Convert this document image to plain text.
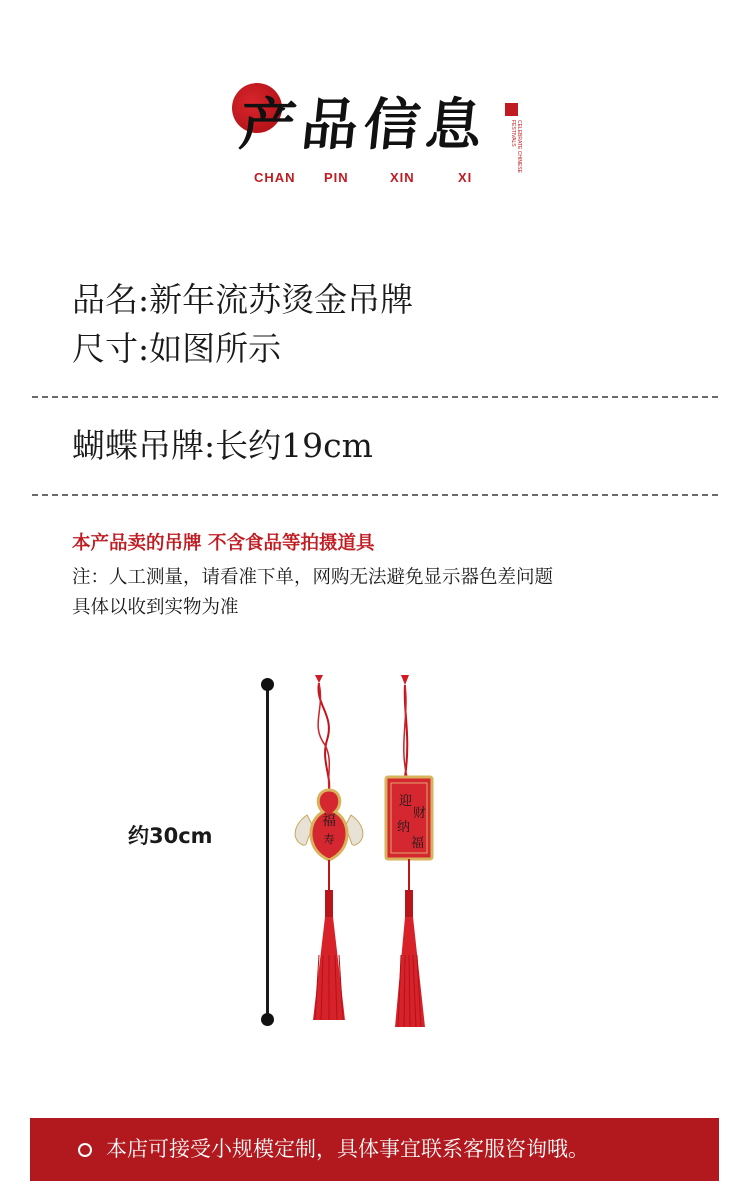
产品信息
CHAN PIN	XIN	XI
CELEBRATE CHINESE FESTIVALS
品名:新年流苏烫金吊牌
尺寸:如图所示
蝴蝶吊牌:长约19cm
本产品卖的吊牌 不含食品等拍摄道具
注：人工测量，请看准下单，网购无法避免显示器色差问题
具体以收到实物为准
约30cm
福
寿
迎
财
纳
福
本店可接受小规模定制，具体事宜联系客服咨询哦。
